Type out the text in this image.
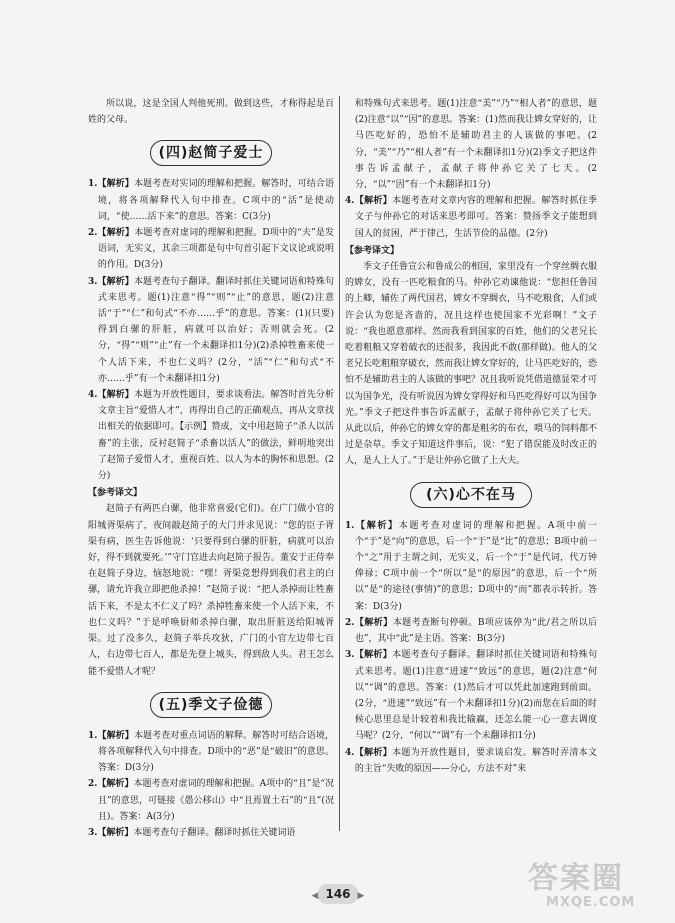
所以说，这是全国人判他死刑。做到这些，才称得起是百姓的父母。

(四)赵简子爱士

1.【解析】本题考查对实词的理解和把握。解答时，可结合语境，将各项解释代入句中排查。C项中的“活”是使动词，“使……活下来”的意思。答案：C(3分)

2.【解析】本题考查对虚词的理解和把握。D项中的“夫”是发语词，无实义，其余三项都是句中句首引起下文议论或说明的作用。D(3分)

3.【解析】本题考查句子翻译。翻译时抓住关键词语和特殊句式来思考。题(1)注意“得”“则”“止”的意思，题(2)注意活“于”“仁”和句式“不亦……乎”的意思。答案：(1)(只要)得到白骡的肝脏，病就可以治好；否则就会死。(2分，“得”“则”“止”有一个未翻译扣1分)(2)杀掉牲畜来使一个人活下来，不也仁义吗？(2分，“活”“仁”和句式“不亦……乎”有一个未翻译扣1分)

4.【解析】本题为开放性题目，要求谈看法。解答时首先分析文章主旨“爱惜人才”，再得出自己的正确观点，再从文章找出相关的依据即可。【示例】赞成，文中用赵简子“杀人以活畜”的主张，反衬赵简子“杀畜以活人”的做法，鲜明地突出了赵简子爱惜人才，重视百姓、以人为本的胸怀和思想。(2分)

【参考译文】

赵简子有两匹白骡，他非常喜爱(它们)。在广门做小官的阳城胥渠病了，夜间敲赵简子的大门并求见说：“您的臣子胥渠有病，医生告诉他说：‘只要得到白骡的肝脏，病就可以治好，得不到就要死。’”守门官进去向赵简子报告。董安于正侍奉在赵简子身边，恼怒地说：“嘿！胥渠竟想得到我们君主的白骡，请允许我立即把他杀掉！”赵简子说：“把人杀掉而让牲畜活下来，不是太不仁义了吗？杀掉牲畜来使一个人活下来，不也仁义吗？”于是呼唤厨师杀掉白骡，取出肝脏送给阳城胥渠。过了没多久，赵简子举兵攻狄，广门的小官左边带七百人，右边带七百人，都是先登上城头，得到敌人头。君王怎么能不爱惜人才呢？

(五)季文子俭德

1.【解析】本题考查对重点词语的解释。解答时可结合语境，将各项解释代入句中排查。D项中的“恶”是“破旧”的意思。答案：D(3分)

2.【解析】本题考查对虚词的理解和把握。A项中的“且”是“况且”的意思，可链接《愚公移山》中“且焉置土石”的“且”(况且)。答案：A(3分)

3.【解析】本题考查句子翻译。翻译时抓住关键词语

和特殊句式来思考。题(1)注意“美”“乃”“相人者”的意思，题(2)注意“以”“因”的意思。答案：(1)然而我让婢女穿好的，让马匹吃好的，恐怕不是辅助君主的人该做的事吧。(2分，“美”“乃”“相人者”有一个未翻译扣1分)(2)季文子把这件事告诉孟献子，孟献子将仲孙它关了七天。(2分，“以”“因”有一个未翻译扣1分)

4.【解析】本题考查对文章内容的理解和把握。解答时抓住季文子与仲孙它的对话来思考即可。答案：赞扬季文子能想到国人的贫困，严于律己，生活节俭的品德。(2分)

【参考译文】

季文子任鲁宣公和鲁成公的相国，家里没有一个穿丝绸衣服的婢女，没有一匹吃粮食的马。仲孙它劝谏他说：“您担任鲁国的上卿，辅佐了两代国君，婢女不穿绸衣，马不吃粮食，人们或许会认为您是吝啬的，况且这样也使国家不光彩啊！”文子说：“我也愿意那样。然而我看到国家的百姓，他们的父老兄长吃着粗粮又穿着破衣的还很多，我因此不敢(那样做)。他人的父老兄长吃粗粮穿破衣，然而我让婢女穿好的，让马匹吃好的，恐怕不是辅助君主的人该做的事吧？况且我听说凭借道德显荣才可以为国争光，没有听说因为婢女穿得好和马匹吃得好可以为国争光。”季文子把这件事告诉孟献子，孟献子将仲孙它关了七天。从此以后，仲孙它的婢女穿的都是粗劣的布衣，喂马的饲料都不过是杂草。季文子知道这件事后，说：“犯了错误能及时改正的人，是人上人了。”于是让仲孙它做了上大夫。

(六)心不在马

1.【解析】本题考查对虚词的理解和把握。A项中前一个“于”是“向”的意思，后一个“于”是“比”的意思；B项中前一个“之”用于主谓之间，无实义，后一个“于”是代词，代万钟俸禄；C项中前一个“所以”是“的原因”的意思，后一个“所以”是“的途径(事情)”的意思；D项中的“而”都表示转折。答案：D(3分)

2.【解析】本题考查断句停顿。B项应该停为“此/君之所以后也”，其中“此”是主语。答案：B(3分)

3.【解析】本题考查句子翻译。翻译时抓住关键词语和特殊句式来思考。题(1)注意“进速”“致远”的意思，题(2)注意“何以”“调”的意思。答案：(1)然后才可以凭此加速跑到前面。(2分，“进速”“致远”有一个未翻译扣1分)(2)而您在后面的时候心思里总是计较着和我比输赢，还怎么能一心一意去调度马呢？(2分，“何以”“调”有一个未翻译扣1分)

4.【解析】本题为开放性题目，要求谈启发。解答时弄清本文的主旨“失败的原因——分心，方法不对”来

◀ 146 ▶	答案圈
MXQE.COM
